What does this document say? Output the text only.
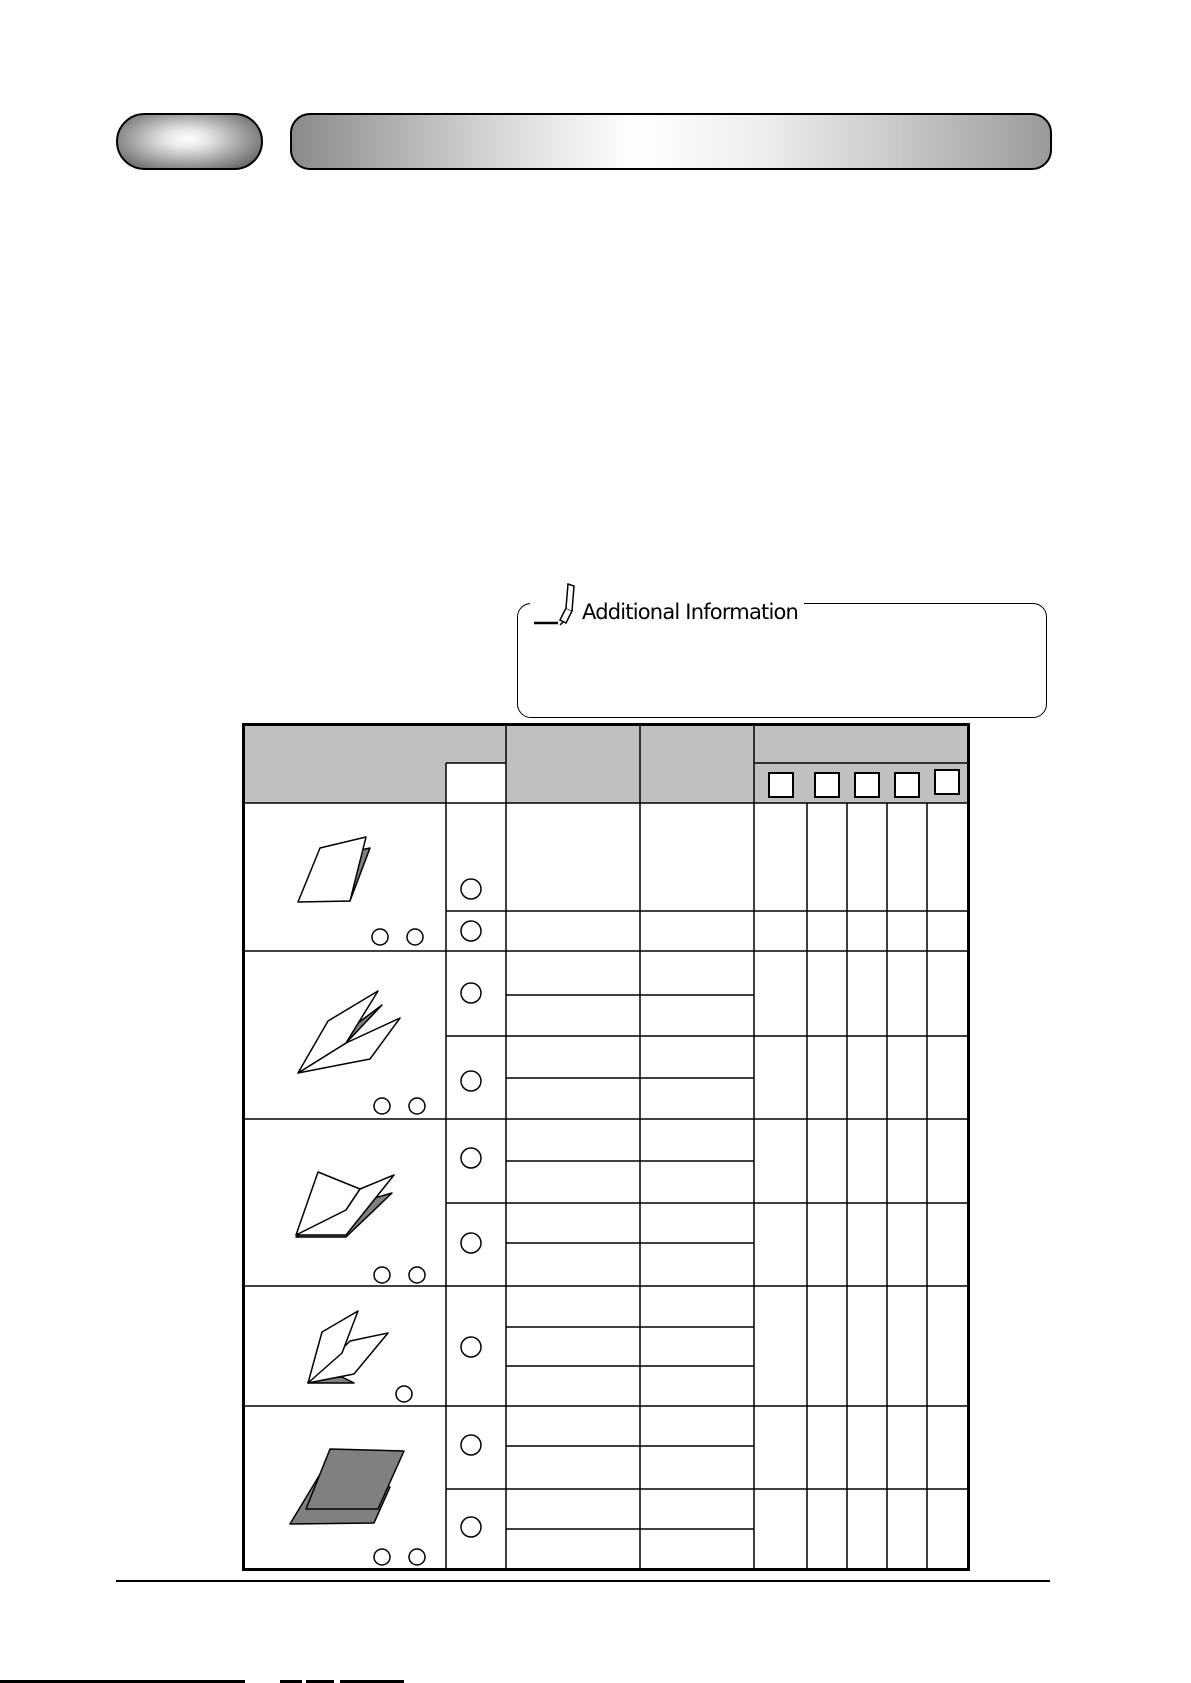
Additional Information
